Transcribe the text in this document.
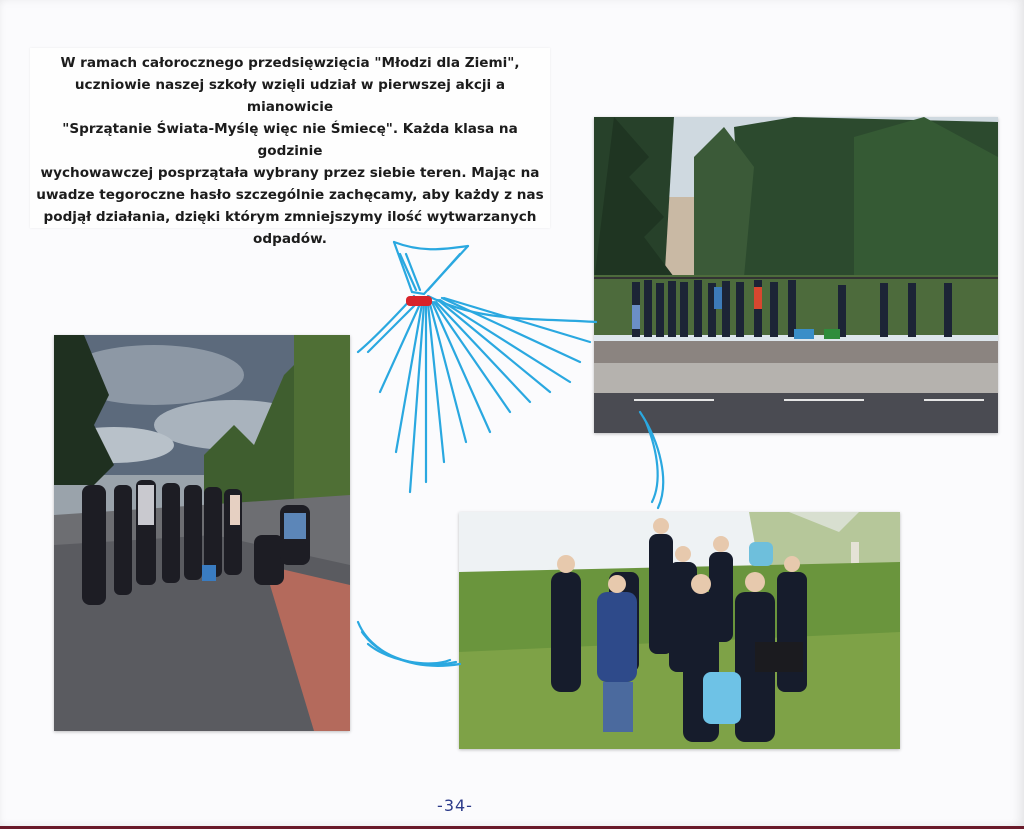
W ramach całorocznego przedsięwzięcia "Młodzi dla Ziemi",
uczniowie naszej szkoły wzięli udział w pierwszej akcji a mianowicie
"Sprzątanie Świata-Myślę więc nie Śmiecę". Każda klasa na godzinie
wychowawczej posprzątała wybrany przez siebie teren. Mając na
uwadze tegoroczne hasło szczególnie zachęcamy, aby każdy z nas
podjął działania, dzięki którym zmniejszymy ilość wytwarzanych
odpadów.

-34-
